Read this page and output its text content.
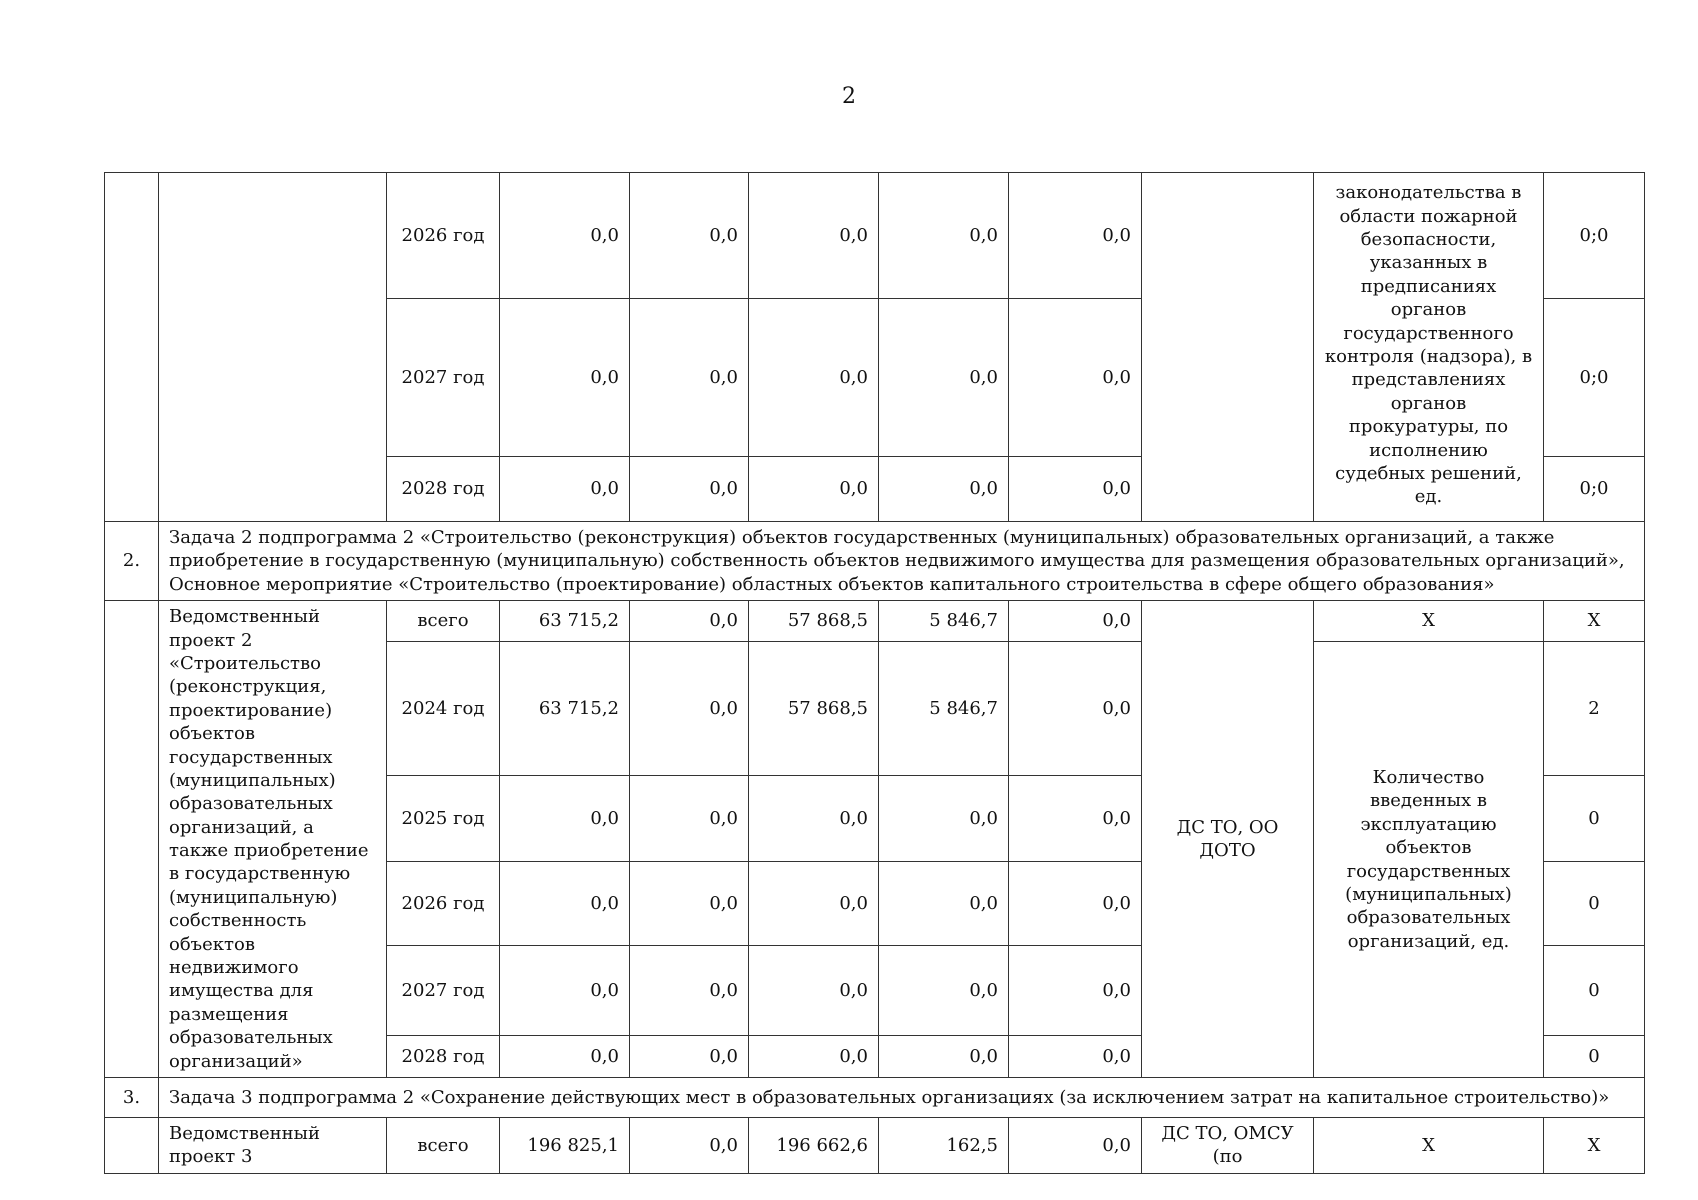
2
		2026 год	0,0	0,0	0,0	0,0	0,0		законодательства в области пожарной безопасности, указанных в предписаниях органов государственного контроля (надзора), в представлениях органов прокуратуры, по исполнению судебных решений, ед.	0;0
		2027 год	0,0	0,0	0,0	0,0	0,0			0;0
		2028 год	0,0	0,0	0,0	0,0	0,0			0;0
2.	Задача 2 подпрограмма 2 «Строительство (реконструкция) объектов государственных (муниципальных) образовательных организаций, а также приобретение в государственную (муниципальную) собственность объектов недвижимого имущества для размещения образовательных организаций», Основное мероприятие «Строительство (проектирование) областных объектов капитального строительства в сфере общего образования»									
	Ведомственный проект 2 «Строительство (реконструкция, проектирование) объектов государственных (муниципальных) образовательных организаций, а также приобретение в государственную (муниципальную) собственность объектов недвижимого имущества для размещения образовательных организаций»	всего	63 715,2	0,0	57 868,5	5 846,7	0,0	ДС ТО, ОО ДОТО	Х	Х
		2024 год	63 715,2	0,0	57 868,5	5 846,7	0,0		Количество введенных в эксплуатацию объектов государственных (муниципальных) образовательных организаций, ед.	2
		2025 год	0,0	0,0	0,0	0,0	0,0			0
		2026 год	0,0	0,0	0,0	0,0	0,0			0
		2027 год	0,0	0,0	0,0	0,0	0,0			0
		2028 год	0,0	0,0	0,0	0,0	0,0			0
3.	Задача 3 подпрограмма 2 «Сохранение действующих мест в образовательных организациях (за исключением затрат на капитальное строительство)»									
	Ведомственный проект 3	всего	196 825,1	0,0	196 662,6	162,5	0,0	ДС ТО, ОМСУ (по	Х	Х
